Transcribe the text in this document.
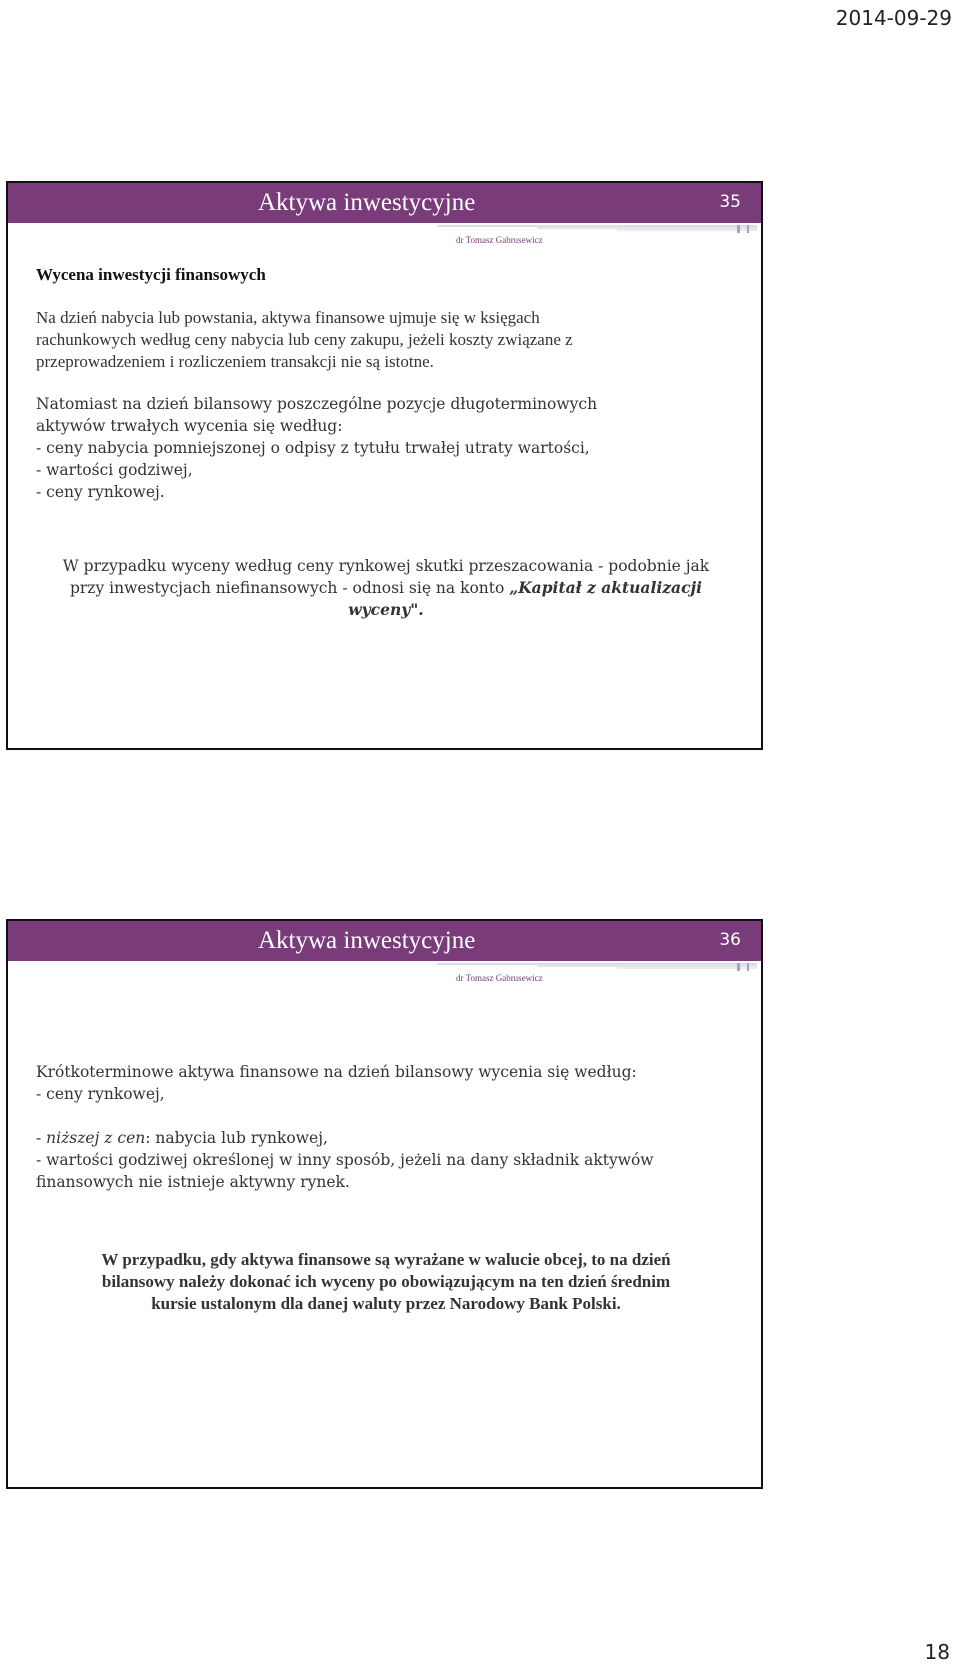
2014-09-29
Aktywa inwestycyjne	35
dr Tomasz Gabrusewicz
Wycena inwestycji finansowych

Na dzień nabycia lub powstania, aktywa finansowe ujmuje się w księgach
rachunkowych według ceny nabycia lub ceny zakupu, jeżeli koszty związane z
przeprowadzeniem i rozliczeniem transakcji nie są istotne.

Natomiast na dzień bilansowy poszczególne pozycje długoterminowych
aktywów trwałych wycenia się według:
- ceny nabycia pomniejszonej o odpisy z tytułu trwałej utraty wartości,
- wartości godziwej,
- ceny rynkowej.

W przypadku wyceny według ceny rynkowej skutki przeszacowania - podobnie jak przy inwestycjach niefinansowych - odnosi się na konto „Kapitał z aktualizacji wyceny".

Aktywa inwestycyjne	36
dr Tomasz Gabrusewicz

Krótkoterminowe aktywa finansowe na dzień bilansowy wycenia się według:

- ceny rynkowej,

- niższej z cen: nabycia lub rynkowej,

- wartości godziwej określonej w inny sposób, jeżeli na dany składnik aktywów
finansowych nie istnieje aktywny rynek.

W przypadku, gdy aktywa finansowe są wyrażane w walucie obcej, to na dzień
bilansowy należy dokonać ich wyceny po obowiązującym na ten dzień średnim
kursie ustalonym dla danej waluty przez Narodowy Bank Polski.

18
